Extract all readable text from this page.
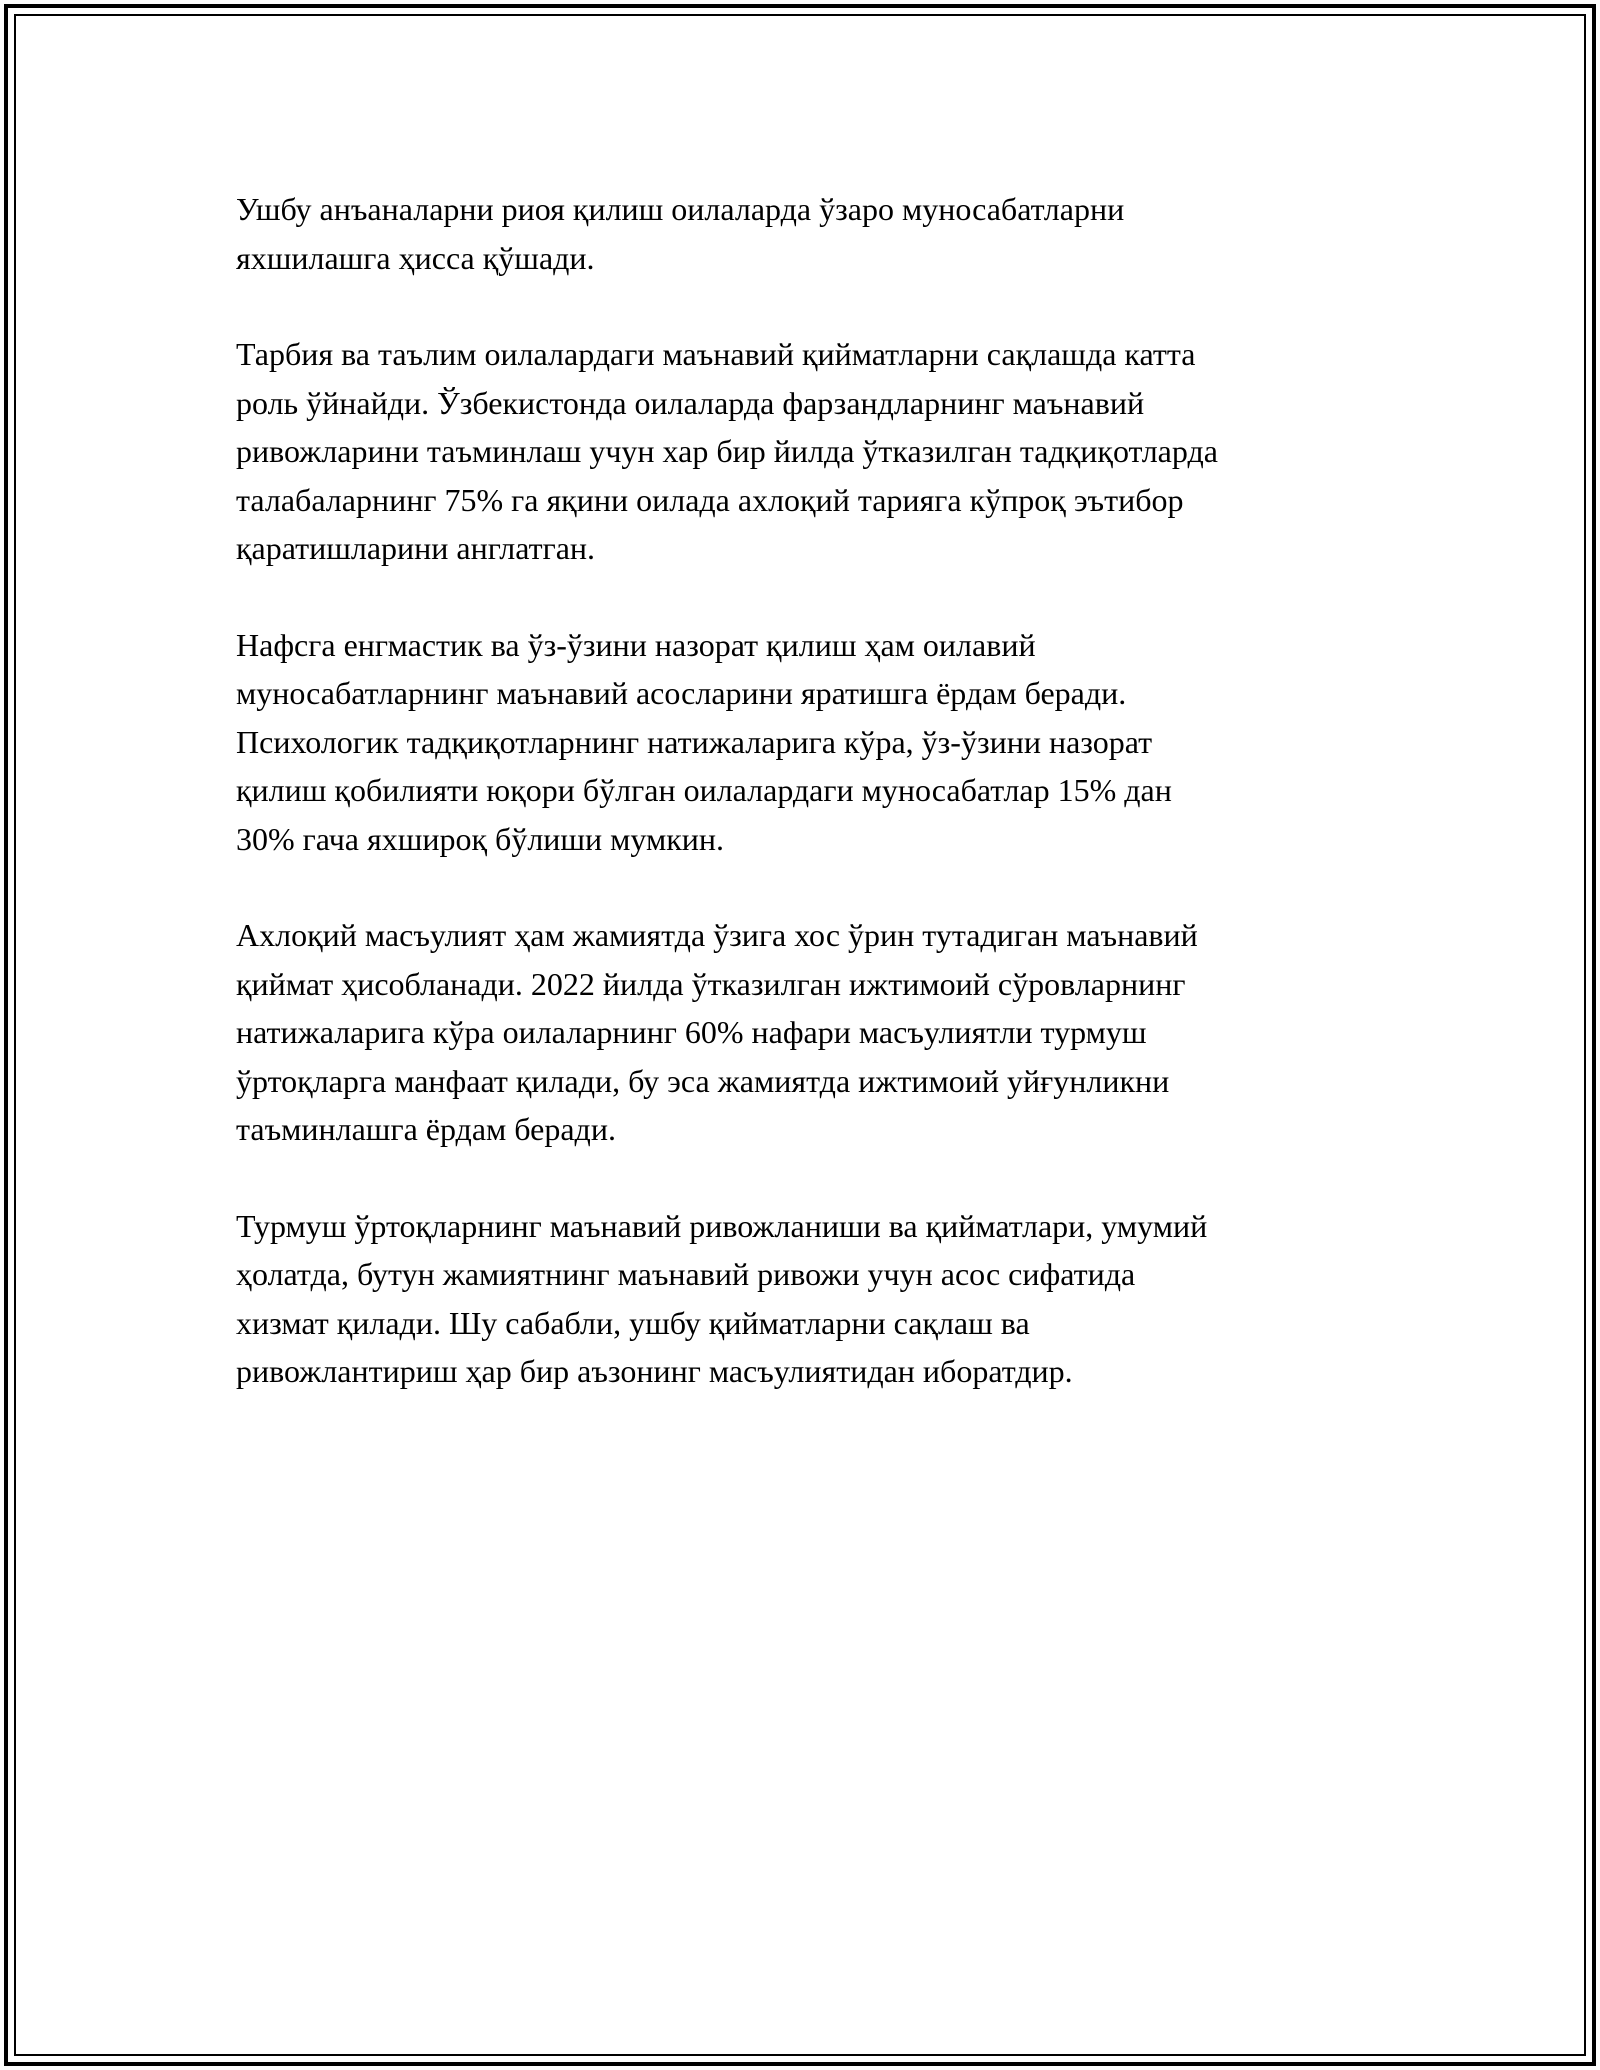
Ушбу анъаналарни риоя қилиш оилаларда ўзаро муносабатларни
яхшилашга ҳисса қўшади.

Тарбия ва таълим оилалардаги маънавий қийматларни сақлашда катта
роль ўйнайди. Ўзбекистонда оилаларда фарзандларнинг маънавий
ривожларини таъминлаш учун хар бир йилда ўтказилган тадқиқотларда
талабаларнинг 75% га яқини оилада ахлоқий тарияга кўпроқ эътибор
қаратишларини англатган.

Нафсга енгмастик ва ўз-ўзини назорат қилиш ҳам оилавий
муносабатларнинг маънавий асосларини яратишга ёрдам беради.
Психологик тадқиқотларнинг натижаларига кўра, ўз-ўзини назорат
қилиш қобилияти юқори бўлган оилалардаги муносабатлар 15% дан
30% гача яхшироқ бўлиши мумкин.

Ахлоқий масъулият ҳам жамиятда ўзига хос ўрин тутадиган маънавий
қиймат ҳисобланади. 2022 йилда ўтказилган ижтимоий сўровларнинг
натижаларига кўра оилаларнинг 60% нафари масъулиятли турмуш
ўртоқларга манфаат қилади, бу эса жамиятда ижтимоий уйғунликни
таъминлашга ёрдам беради.

Турмуш ўртоқларнинг маънавий ривожланиши ва қийматлари, умумий
ҳолатда, бутун жамиятнинг маънавий ривожи учун асос сифатида
хизмат қилади. Шу сабабли, ушбу қийматларни сақлаш ва
ривожлантириш ҳар бир аъзонинг масъулиятидан иборатдир.
